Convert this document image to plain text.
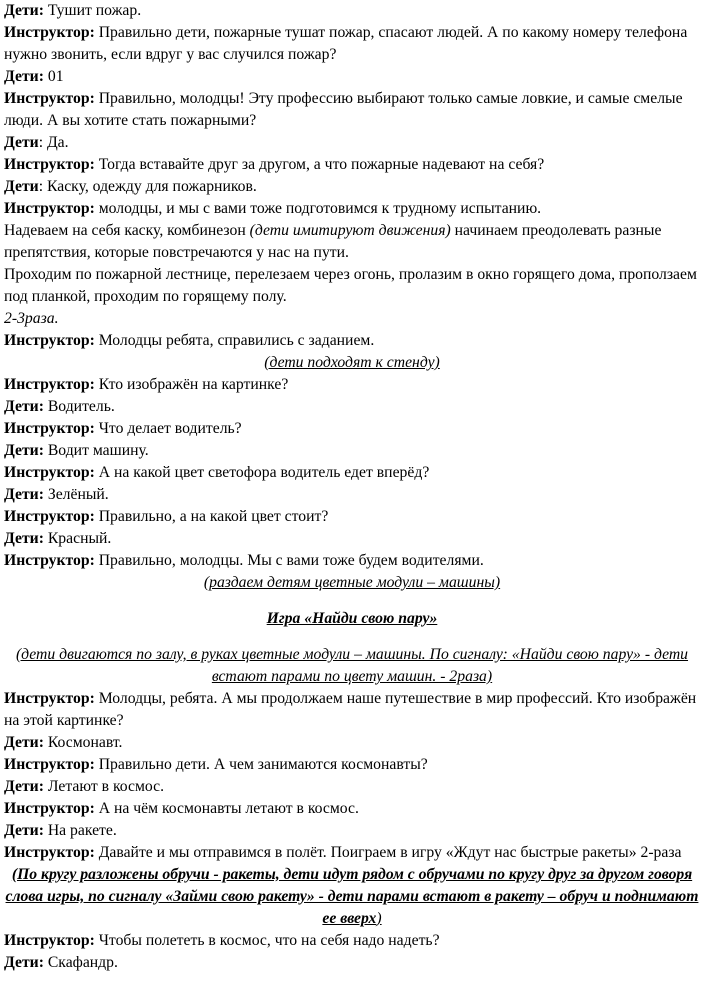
Дети: Тушит пожар.

Инструктор: Правильно дети, пожарные тушат пожар, спасают людей. А по какому номеру телефона нужно звонить, если вдруг у вас случился пожар?

Дети: 01

Инструктор: Правильно, молодцы! Эту профессию выбирают только самые ловкие, и самые смелые люди. А вы хотите стать пожарными?

Дети: Да.

Инструктор: Тогда вставайте друг за другом, а что пожарные надевают на себя?

Дети: Каску, одежду для пожарников.

Инструктор: молодцы, и мы с вами тоже подготовимся к трудному испытанию.

Надеваем на себя каску, комбинезон (дети имитируют движения) начинаем преодолевать разные препятствия, которые повстречаются у нас на пути.

Проходим по пожарной лестнице, перелезаем через огонь, пролазим в окно горящего дома, проползаем под планкой, проходим по горящему полу.

2-3раза.

Инструктор: Молодцы ребята, справились с заданием.

(дети подходят к стенду)

Инструктор: Кто изображён на картинке?

Дети: Водитель.

Инструктор: Что делает водитель?

Дети: Водит машину.

Инструктор: А на какой цвет светофора водитель едет вперёд?

Дети: Зелёный.

Инструктор: Правильно, а на какой цвет стоит?

Дети: Красный.

Инструктор: Правильно, молодцы. Мы с вами тоже будем водителями.

(раздаем детям цветные модули – машины)

Игра «Найди свою пару»

(дети двигаются по залу, в руках цветные модули – машины. По сигналу: «Найди свою пару» - дети встают парами по цвету машин. - 2раза)

Инструктор: Молодцы, ребята. А мы продолжаем наше путешествие в мир профессий. Кто изображён на этой картинке?

Дети: Космонавт.

Инструктор: Правильно дети. А чем занимаются космонавты?

Дети: Летают в космос.

Инструктор: А на чём космонавты летают в космос.

Дети: На ракете.

Инструктор: Давайте и мы отправимся в полёт. Поиграем в игру «Ждут нас быстрые ракеты» 2-раза

(По кругу разложены обручи - ракеты, дети идут рядом с обручами по кругу друг за другом говоря слова игры, по сигналу «Займи свою ракету» - дети парами встают в ракету – обруч и поднимают ее вверх)

Инструктор: Чтобы полететь в космос, что на себя надо надеть?

Дети: Скафандр.
